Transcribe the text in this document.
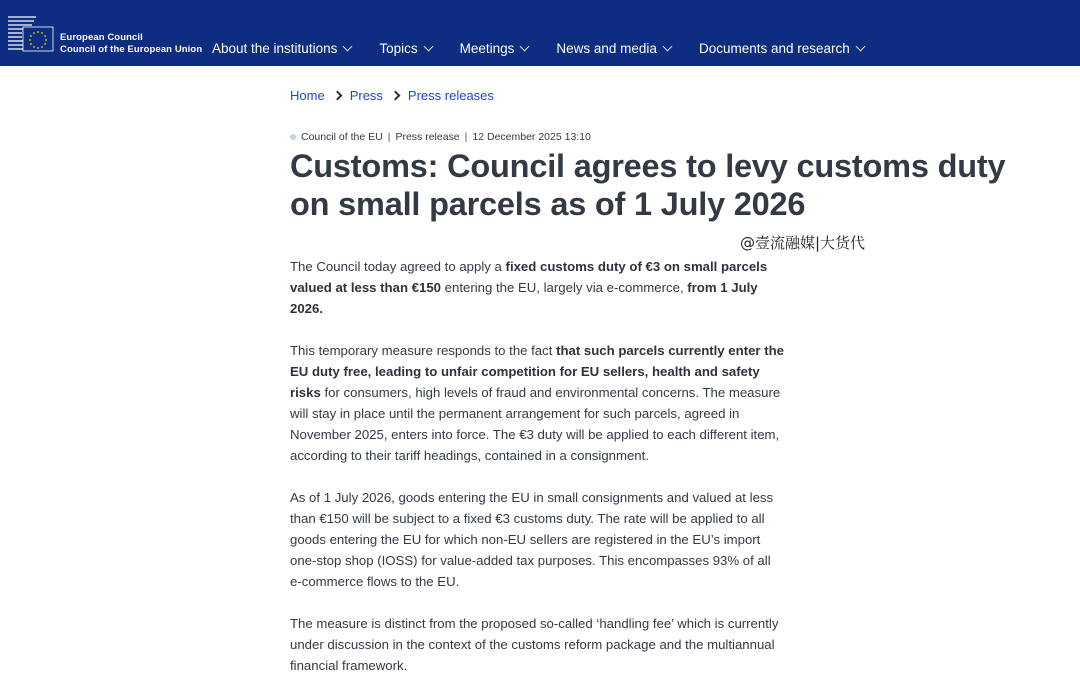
European Council
Council of the European Union About the institutions	Topics	Meetings	News and media	Documents and research
Home Press Press releases
Council of the EU | Press release | 12 December 2025 13:10
Customs: Council agrees to levy customs duty on small parcels as of 1 July 2026
@壹流融媒|大货代

The Council today agreed to apply a fixed customs duty of €3 on small parcels valued at less than €150 entering the EU, largely via e-commerce, from 1 July 2026.

This temporary measure responds to the fact that such parcels currently enter the EU duty free, leading to unfair competition for EU sellers, health and safety risks for consumers, high levels of fraud and environmental concerns. The measure will stay in place until the permanent arrangement for such parcels, agreed in November 2025, enters into force. The €3 duty will be applied to each different item, according to their tariff headings, contained in a consignment.

As of 1 July 2026, goods entering the EU in small consignments and valued at less than €150 will be subject to a fixed €3 customs duty. The rate will be applied to all goods entering the EU for which non-EU sellers are registered in the EU’s import one-stop shop (IOSS) for value-added tax purposes. This encompasses 93% of all e-commerce flows to the EU.

The measure is distinct from the proposed so-called ‘handling fee’ which is currently under discussion in the context of the customs reform package and the multiannual financial framework.
